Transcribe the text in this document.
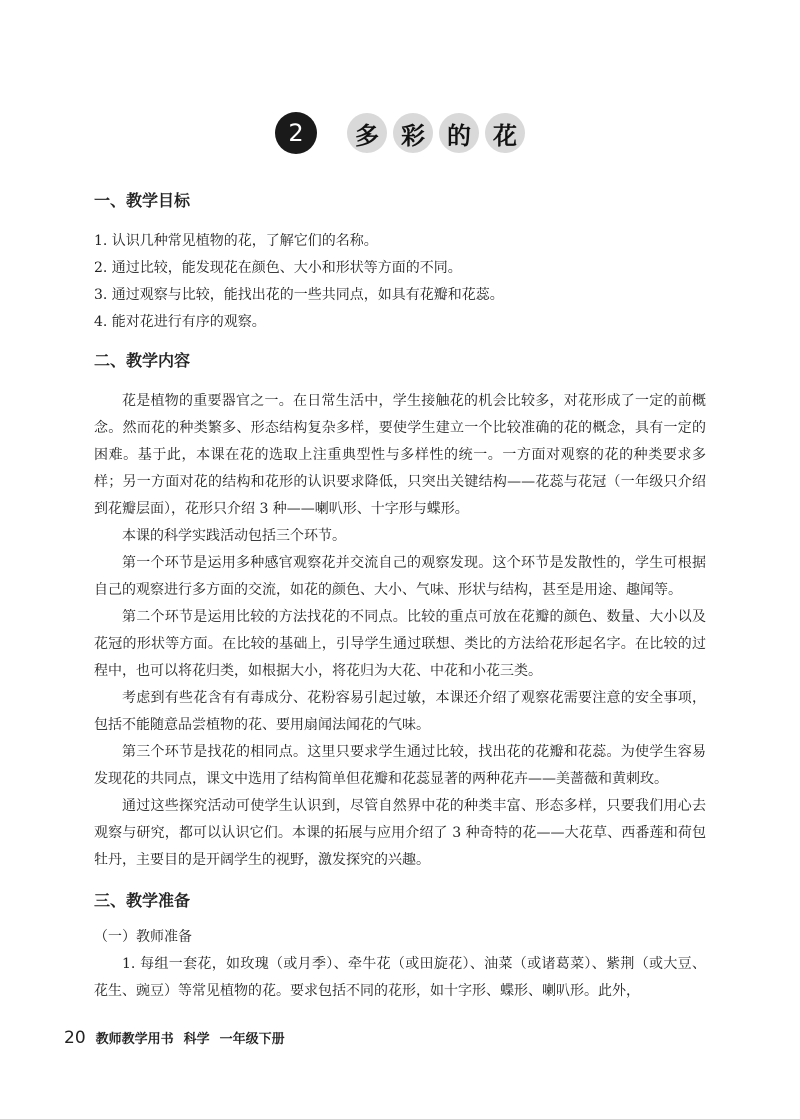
2	多 彩 的 花
一、教学目标

1. 认识几种常见植物的花，了解它们的名称。

2. 通过比较，能发现花在颜色、大小和形状等方面的不同。

3. 通过观察与比较，能找出花的一些共同点，如具有花瓣和花蕊。

4. 能对花进行有序的观察。

二、教学内容

花是植物的重要器官之一。在日常生活中，学生接触花的机会比较多，对花形成了一定的前概念。然而花的种类繁多、形态结构复杂多样，要使学生建立一个比较准确的花的概念，具有一定的困难。基于此，本课在花的选取上注重典型性与多样性的统一。一方面对观察的花的种类要求多样；另一方面对花的结构和花形的认识要求降低，只突出关键结构——花蕊与花冠（一年级只介绍到花瓣层面），花形只介绍 3 种——喇叭形、十字形与蝶形。

本课的科学实践活动包括三个环节。

第一个环节是运用多种感官观察花并交流自己的观察发现。这个环节是发散性的，学生可根据自己的观察进行多方面的交流，如花的颜色、大小、气味、形状与结构，甚至是用途、趣闻等。

第二个环节是运用比较的方法找花的不同点。比较的重点可放在花瓣的颜色、数量、大小以及花冠的形状等方面。在比较的基础上，引导学生通过联想、类比的方法给花形起名字。在比较的过程中，也可以将花归类，如根据大小，将花归为大花、中花和小花三类。

考虑到有些花含有有毒成分、花粉容易引起过敏，本课还介绍了观察花需要注意的安全事项，包括不能随意品尝植物的花、要用扇闻法闻花的气味。

第三个环节是找花的相同点。这里只要求学生通过比较，找出花的花瓣和花蕊。为使学生容易发现花的共同点，课文中选用了结构简单但花瓣和花蕊显著的两种花卉——美蔷薇和黄刺玫。

通过这些探究活动可使学生认识到，尽管自然界中花的种类丰富、形态多样，只要我们用心去观察与研究，都可以认识它们。本课的拓展与应用介绍了 3 种奇特的花——大花草、西番莲和荷包牡丹，主要目的是开阔学生的视野，激发探究的兴趣。

三、教学准备

（一）教师准备

1. 每组一套花，如玫瑰（或月季）、牵牛花（或田旋花）、油菜（或诸葛菜）、紫荆（或大豆、花生、豌豆）等常见植物的花。要求包括不同的花形，如十字形、蝶形、喇叭形。此外，

20 教师教学用书 科学 一年级下册
